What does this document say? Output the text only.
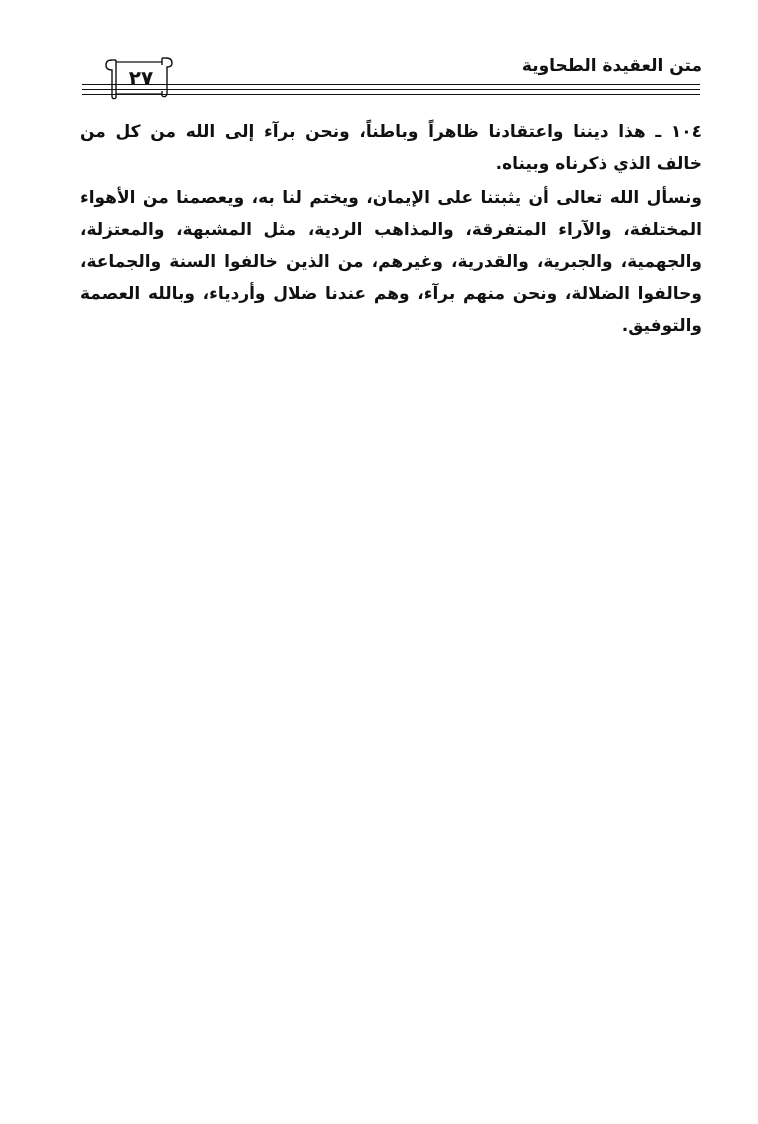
متن العقيدة الطحاوية
٢٧
١٠٤ ـ هذا ديننا واعتقادنا ظاهراً وباطناً، ونحن برآء إلى الله من كل من
خالف الذي ذكرناه وبيناه.
ونسأل الله تعالى أن يثبتنا على الإيمان، ويختم لنا به، ويعصمنا من الأهواء
المختلفة، والآراء المتفرقة، والمذاهب الردية، مثل المشبهة، والمعتزلة،
والجهمية، والجبرية، والقدرية، وغيرهم، من الذين خالفوا السنة والجماعة،
وحالفوا الضلالة، ونحن منهم برآء، وهم عندنا ضلال وأردياء، وبالله العصمة
والتوفيق.
